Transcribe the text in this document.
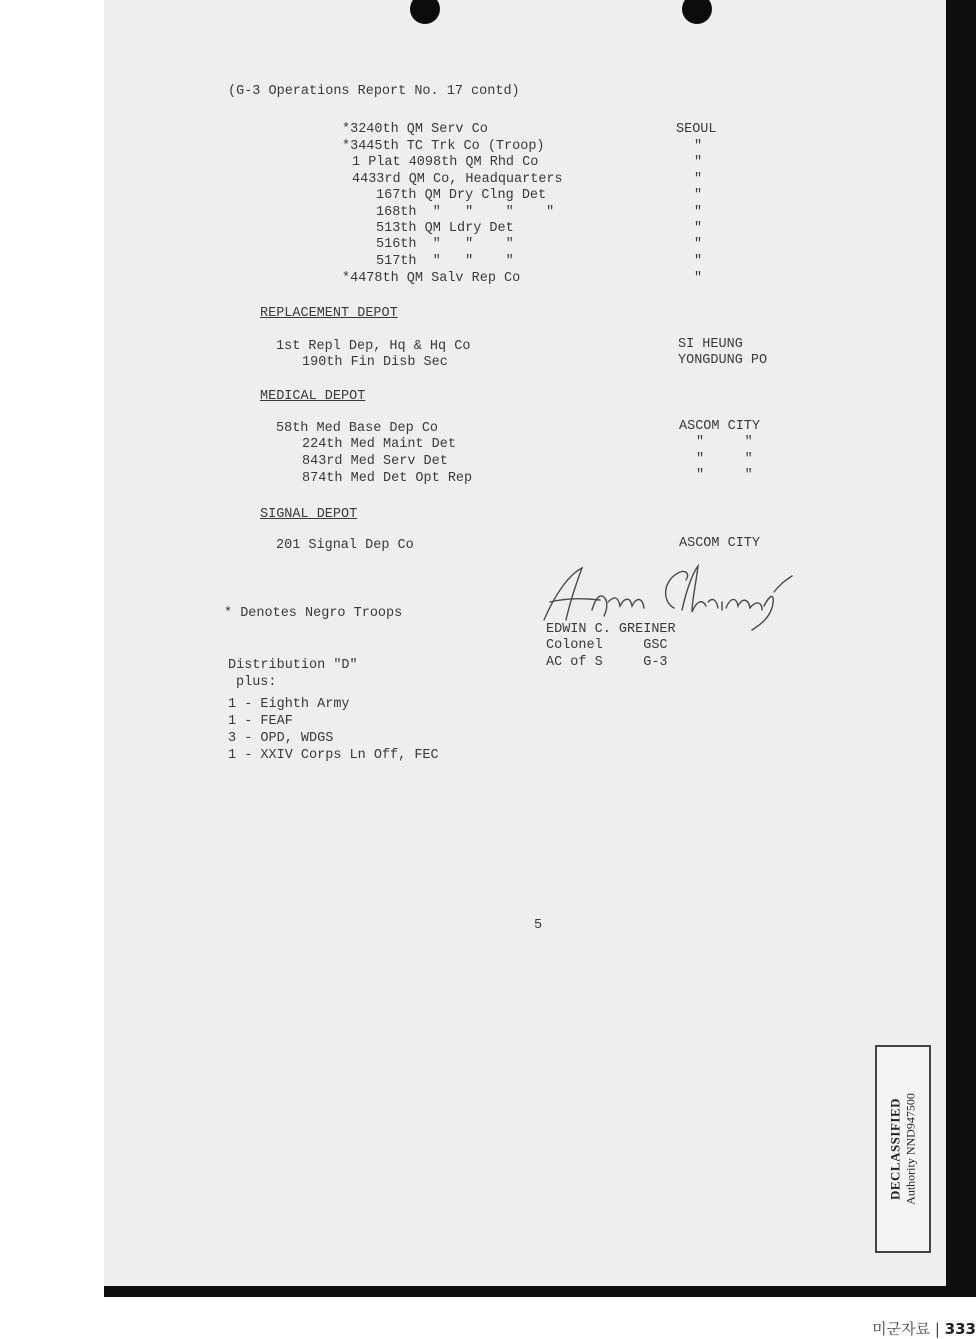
(G-3 Operations Report No. 17 contd)
*3240th QM Serv Co	SEOUL
*3445th TC Trk Co (Troop)	"
1 Plat 4098th QM Rhd Co	"
4433rd QM Co, Headquarters	"
167th QM Dry Clng Det	"
168th  "   "    "    "	"
513th QM Ldry Det	"
516th  "   "    "	"
517th  "   "    "	"
*4478th QM Salv Rep Co	"
REPLACEMENT DEPOT
1st Repl Dep, Hq & Hq Co	SI HEUNG
190th Fin Disb Sec	YONGDUNG PO
MEDICAL DEPOT
58th Med Base Dep Co	ASCOM CITY
224th Med Maint Det	"     "
843rd Med Serv Det	"     "
874th Med Det Opt Rep	"     "
SIGNAL DEPOT
201 Signal Dep Co	ASCOM CITY
* Denotes Negro Troops
EDWIN C. GREINER
Colonel     GSC
AC of S     G-3
Distribution "D"
plus:
1 - Eighth Army
1 - FEAF
3 - OPD, WDGS
1 - XXIV Corps Ln Off, FEC
5
DECLASSIFIED Authority NND947500
미군자료 | 333
